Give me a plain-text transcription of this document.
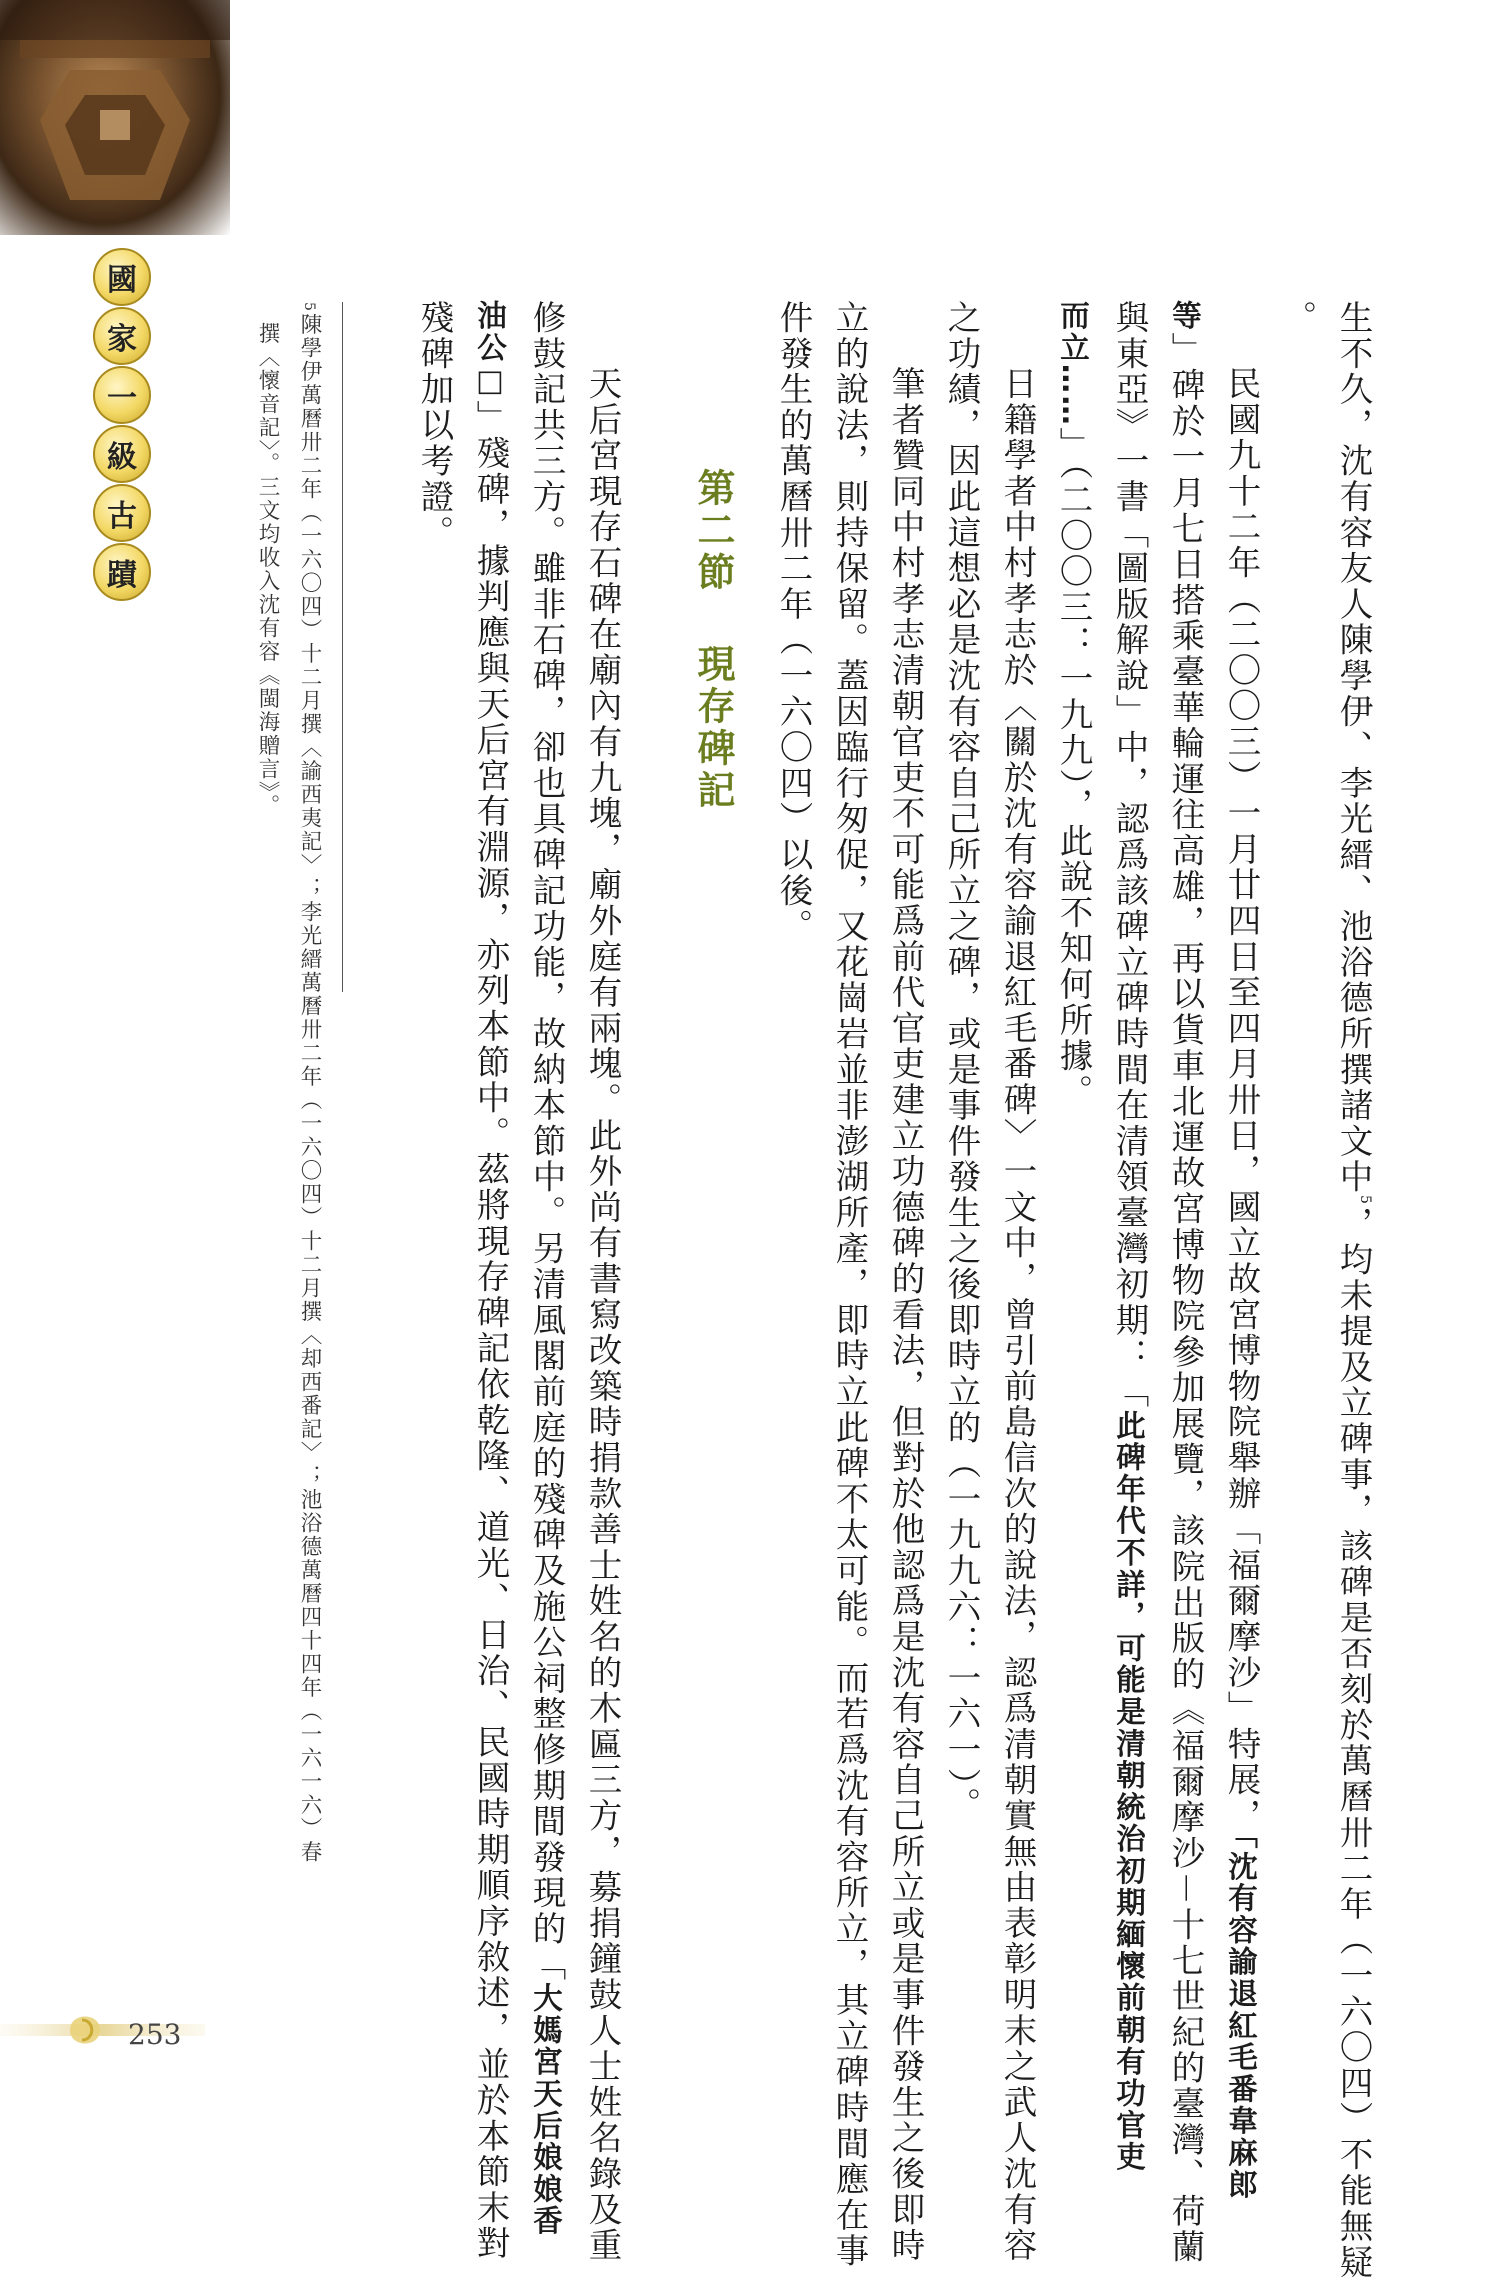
國
家
一
級
古
蹟	生不久，沈有容友人陳學伊、李光縉、池浴德所撰諸文中$^5$，均未提及立碑事，該碑是否刻於萬曆卅二年（一六〇四）不能無疑
。
民國九十二年（二〇〇三）一月廿四日至四月卅日，國立故宮博物院舉辦「福爾摩沙」特展，「沈有容諭退紅毛番韋麻郎
等」碑於一月七日搭乘臺華輪運往高雄，再以貨車北運故宮博物院參加展覽，該院出版的《福爾摩沙－十七世紀的臺灣、荷蘭
與東亞》一書「圖版解說」中，認爲該碑立碑時間在清領臺灣初期：「此碑年代不詳，可能是清朝統治初期緬懷前朝有功官吏
而立……」（二〇〇三：一九九），此說不知何所據。
日籍學者中村孝志於〈關於沈有容諭退紅毛番碑〉一文中，曾引前島信次的說法，認爲清朝實無由表彰明末之武人沈有容
之功績，因此這想必是沈有容自己所立之碑，或是事件發生之後即時立的（一九九六：一六一）。
筆者贊同中村孝志清朝官吏不可能爲前代官吏建立功德碑的看法，但對於他認爲是沈有容自己所立或是事件發生之後即時
立的說法，則持保留。蓋因臨行匆促，又花崗岩並非澎湖所產，即時立此碑不太可能。而若爲沈有容所立，其立碑時間應在事
件發生的萬曆卅二年（一六〇四）以後。
第二節現存碑記
天后宮現存石碑在廟內有九塊，廟外庭有兩塊。此外尚有書寫改築時捐款善士姓名的木匾三方，募捐鐘鼓人士姓名錄及重
修鼓記共三方。雖非石碑，卻也具碑記功能，故納本節中。另清風閣前庭的殘碑及施公祠整修期間發現的「大媽宮天后娘娘香
油公□」殘碑，據判應與天后宮有淵源，亦列本節中。茲將現存碑記依乾隆、道光、日治、民國時期順序敘述，並於本節末對
殘碑加以考證。
5陳學伊萬曆卅二年（一六〇四）十二月撰〈諭西夷記〉；李光縉萬曆卅二年（一六〇四）十二月撰〈却西番記〉；池浴德萬曆四十四年（一六一六）春
撰〈懷音記〉。三文均收入沈有容《閩海贈言》。
253
